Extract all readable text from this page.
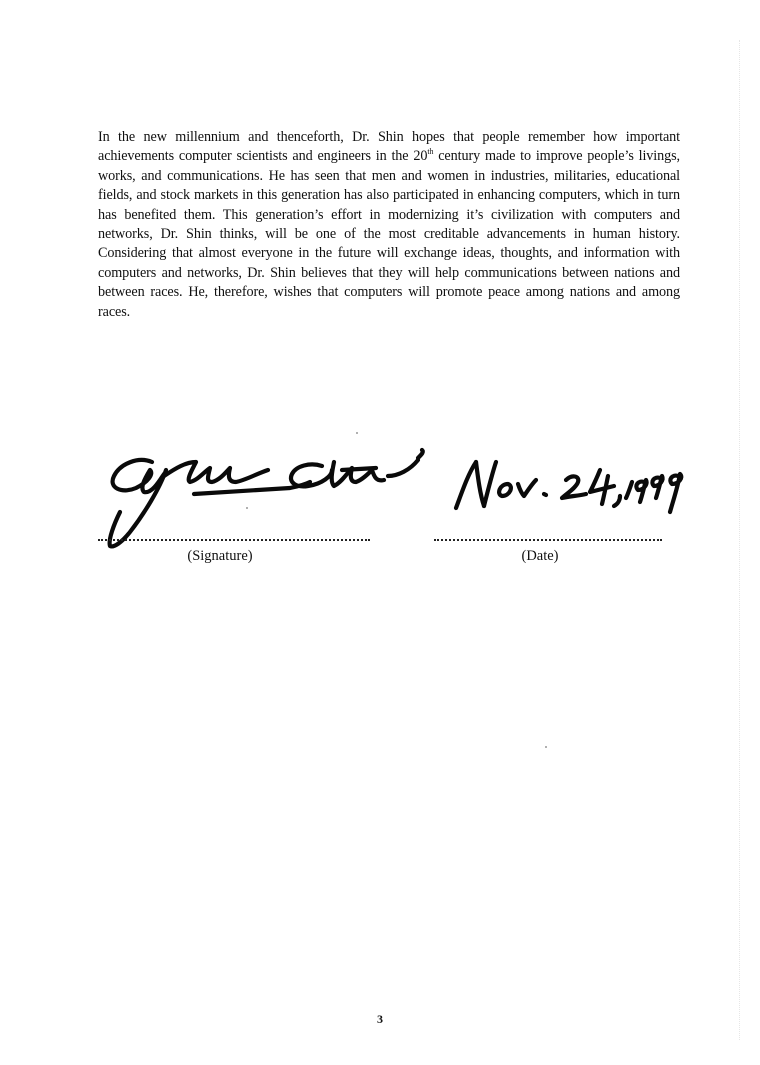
In the new millennium and thenceforth, Dr. Shin hopes that people remember how important achievements computer scientists and engineers in the 20th century made to improve people’s livings, works, and communications. He has seen that men and women in industries, militaries, educational fields, and stock markets in this generation has also participated in enhancing computers, which in turn has benefited them. This generation’s effort in modernizing it’s civilization with computers and networks, Dr. Shin thinks, will be one of the most creditable advancements in human history. Considering that almost everyone in the future will exchange ideas, thoughts, and information with computers and networks, Dr. Shin believes that they will help communications between nations and between races. He, therefore, wishes that computers will promote peace among nations and among races.

(Signature)	(Date)
3
